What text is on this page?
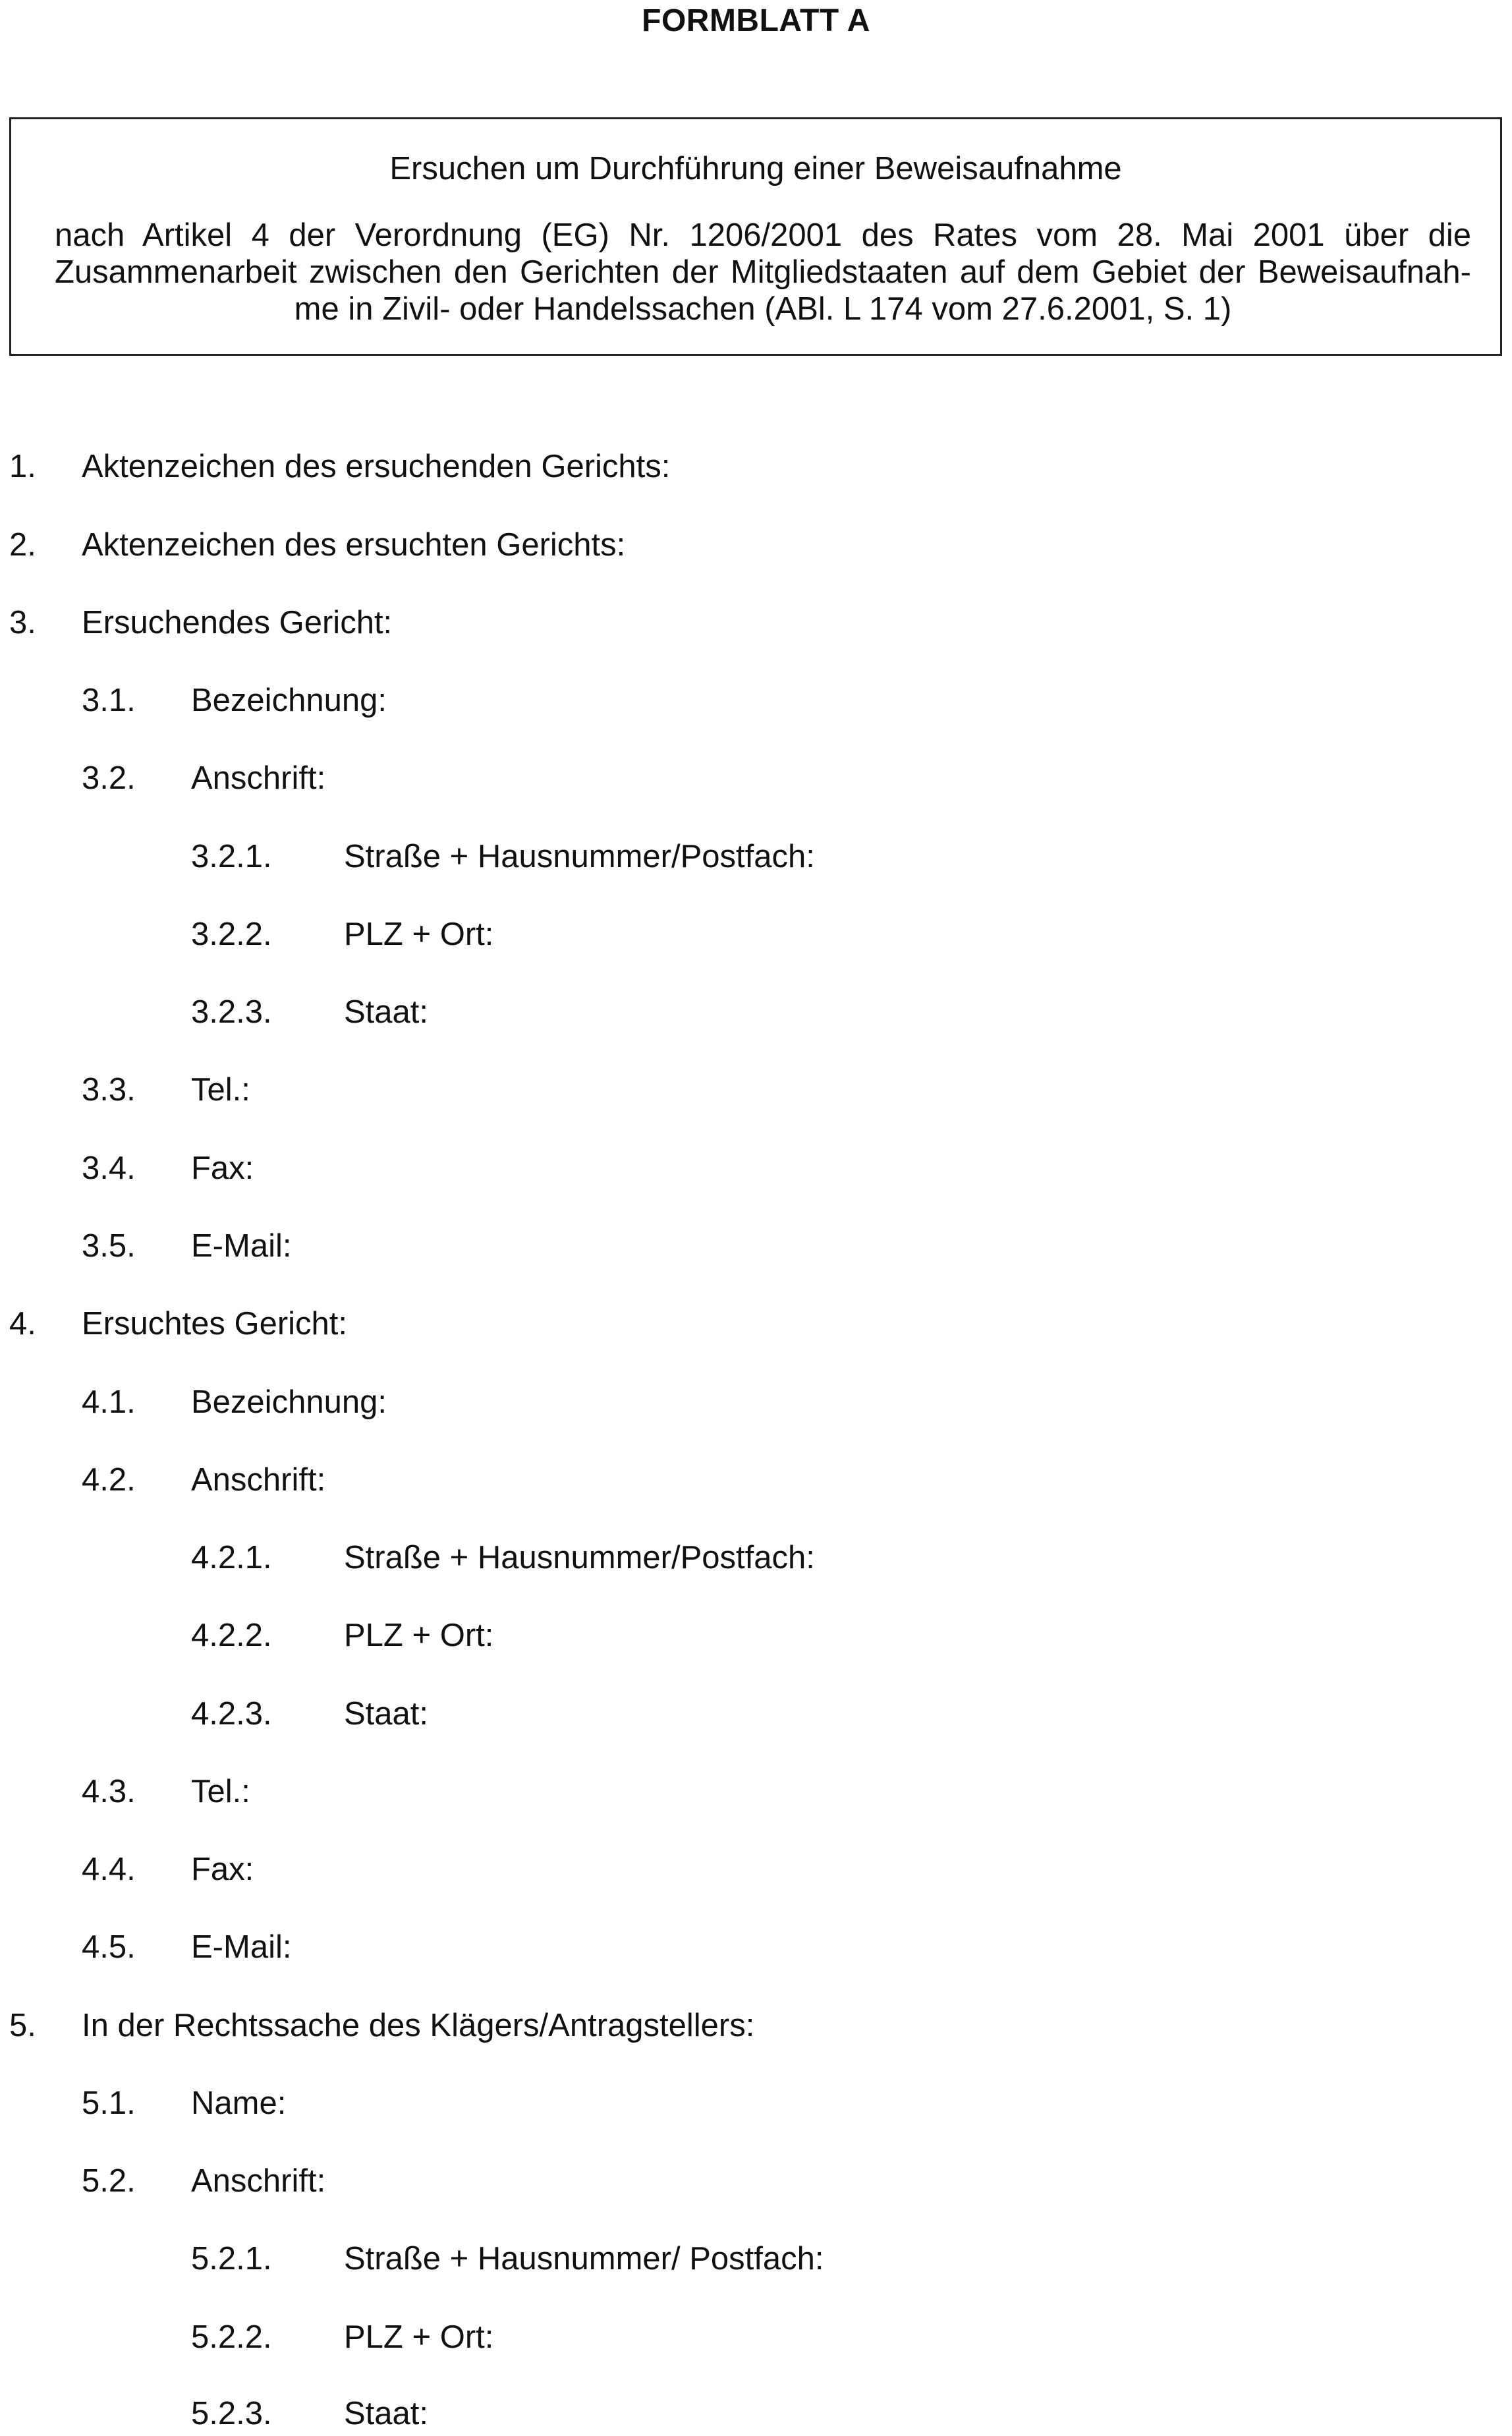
FORMBLATT A
Ersuchen um Durchführung einer Beweisaufnahme
nach Artikel 4 der Verordnung (EG) Nr. 1206/2001 des Rates vom 28. Mai 2001 über die Zusammenarbeit zwischen den Gerichten der Mitgliedstaaten auf dem Gebiet der Beweisaufnahme in Zivil- oder Handelssachen (ABl. L 174 vom 27.6.2001, S. 1)
1. Aktenzeichen des ersuchenden Gerichts:
2. Aktenzeichen des ersuchten Gerichts:
3. Ersuchendes Gericht:
3.1. Bezeichnung:
3.2. Anschrift:
3.2.1. Straße + Hausnummer/Postfach:
3.2.2. PLZ + Ort:
3.2.3. Staat:
3.3. Tel.:
3.4. Fax:
3.5. E-Mail:
4. Ersuchtes Gericht:
4.1. Bezeichnung:
4.2. Anschrift:
4.2.1. Straße + Hausnummer/Postfach:
4.2.2. PLZ + Ort:
4.2.3. Staat:
4.3. Tel.:
4.4. Fax:
4.5. E-Mail:
5. In der Rechtssache des Klägers/Antragstellers:
5.1. Name:
5.2. Anschrift:
5.2.1. Straße + Hausnummer/ Postfach:
5.2.2. PLZ + Ort:
5.2.3. Staat:
